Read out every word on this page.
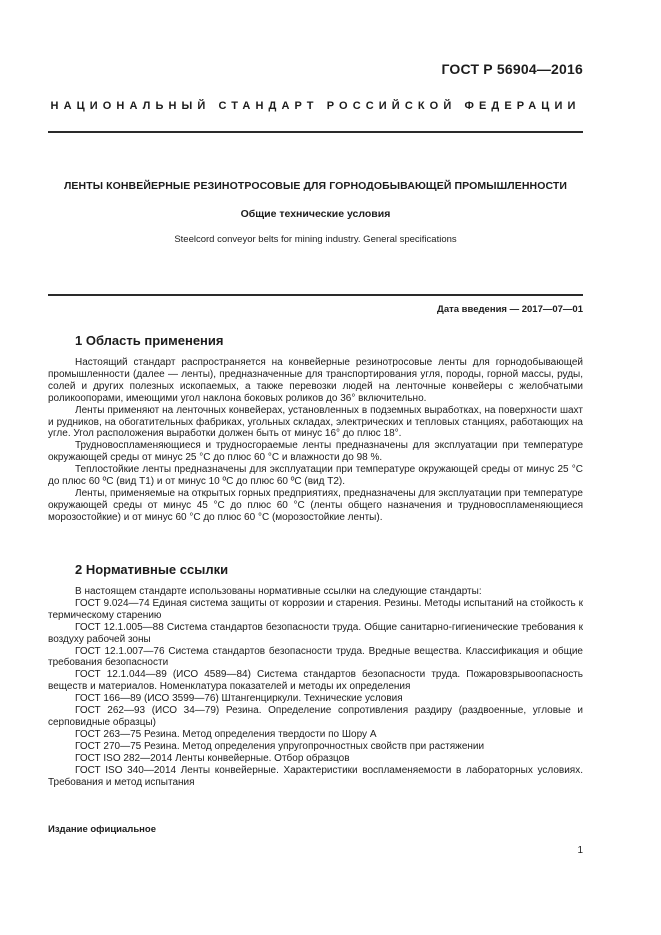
ГОСТ Р 56904—2016
НАЦИОНАЛЬНЫЙ СТАНДАРТ РОССИЙСКОЙ ФЕДЕРАЦИИ
ЛЕНТЫ КОНВЕЙЕРНЫЕ РЕЗИНОТРОСОВЫЕ ДЛЯ ГОРНОДОБЫВАЮЩЕЙ ПРОМЫШЛЕННОСТИ
Общие технические условия
Steelcord conveyor belts for mining industry. General specifications
Дата введения — 2017—07—01
1 Область применения

Настоящий стандарт распространяется на конвейерные резинотросовые ленты для горнодобывающей промышленности (далее — ленты), предназначенные для транспортирования угля, породы, горной массы, руды, солей и других полезных ископаемых, а также перевозки людей на ленточные конвейеры с желобчатыми роликоопорами, имеющими угол наклона боковых роликов до 36° включительно.

Ленты применяют на ленточных конвейерах, установленных в подземных выработках, на поверхности шахт и рудников, на обогатительных фабриках, угольных складах, электрических и тепловых станциях, работающих на угле. Угол расположения выработки должен быть от минус 16° до плюс 18°.

Трудновоспламеняющиеся и трудносгораемые ленты предназначены для эксплуатации при температуре окружающей среды от минус 25 °С до плюс 60 °С и влажности до 98 %.

Теплостойкие ленты предназначены для эксплуатации при температуре окружающей среды от минус 25 °С до плюс 60 ºС (вид Т1) и от минус 10 ºС до плюс 60 ºС (вид Т2).

Ленты, применяемые на открытых горных предприятиях, предназначены для эксплуатации при температуре окружающей среды от минус 45 °С до плюс 60 °С (ленты общего назначения и трудновоспламеняющиеся морозостойкие) и от минус 60 °С до плюс 60 °С (морозостойкие ленты).

2 Нормативные ссылки

В настоящем стандарте использованы нормативные ссылки на следующие стандарты:

ГОСТ 9.024—74 Единая система защиты от коррозии и старения. Резины. Методы испытаний на стойкость к термическому старению

ГОСТ 12.1.005—88 Система стандартов безопасности труда. Общие санитарно-гигиенические требования к воздуху рабочей зоны

ГОСТ 12.1.007—76 Система стандартов безопасности труда. Вредные вещества. Классификация и общие требования безопасности

ГОСТ 12.1.044—89 (ИСО 4589—84) Система стандартов безопасности труда. Пожаровзрывоопасность веществ и материалов. Номенклатура показателей и методы их определения

ГОСТ 166—89 (ИСО 3599—76) Штангенциркули. Технические условия

ГОСТ 262—93 (ИСО 34—79) Резина. Определение сопротивления раздиру (раздвоенные, угловые и серповидные образцы)

ГОСТ 263—75 Резина. Метод определения твердости по Шору А

ГОСТ 270—75 Резина. Метод определения упругопрочностных свойств при растяжении

ГОСТ ISO 282—2014 Ленты конвейерные. Отбор образцов

ГОСТ ISO 340—2014 Ленты конвейерные. Характеристики воспламеняемости в лабораторных условиях. Требования и метод испытания

Издание официальное
1
